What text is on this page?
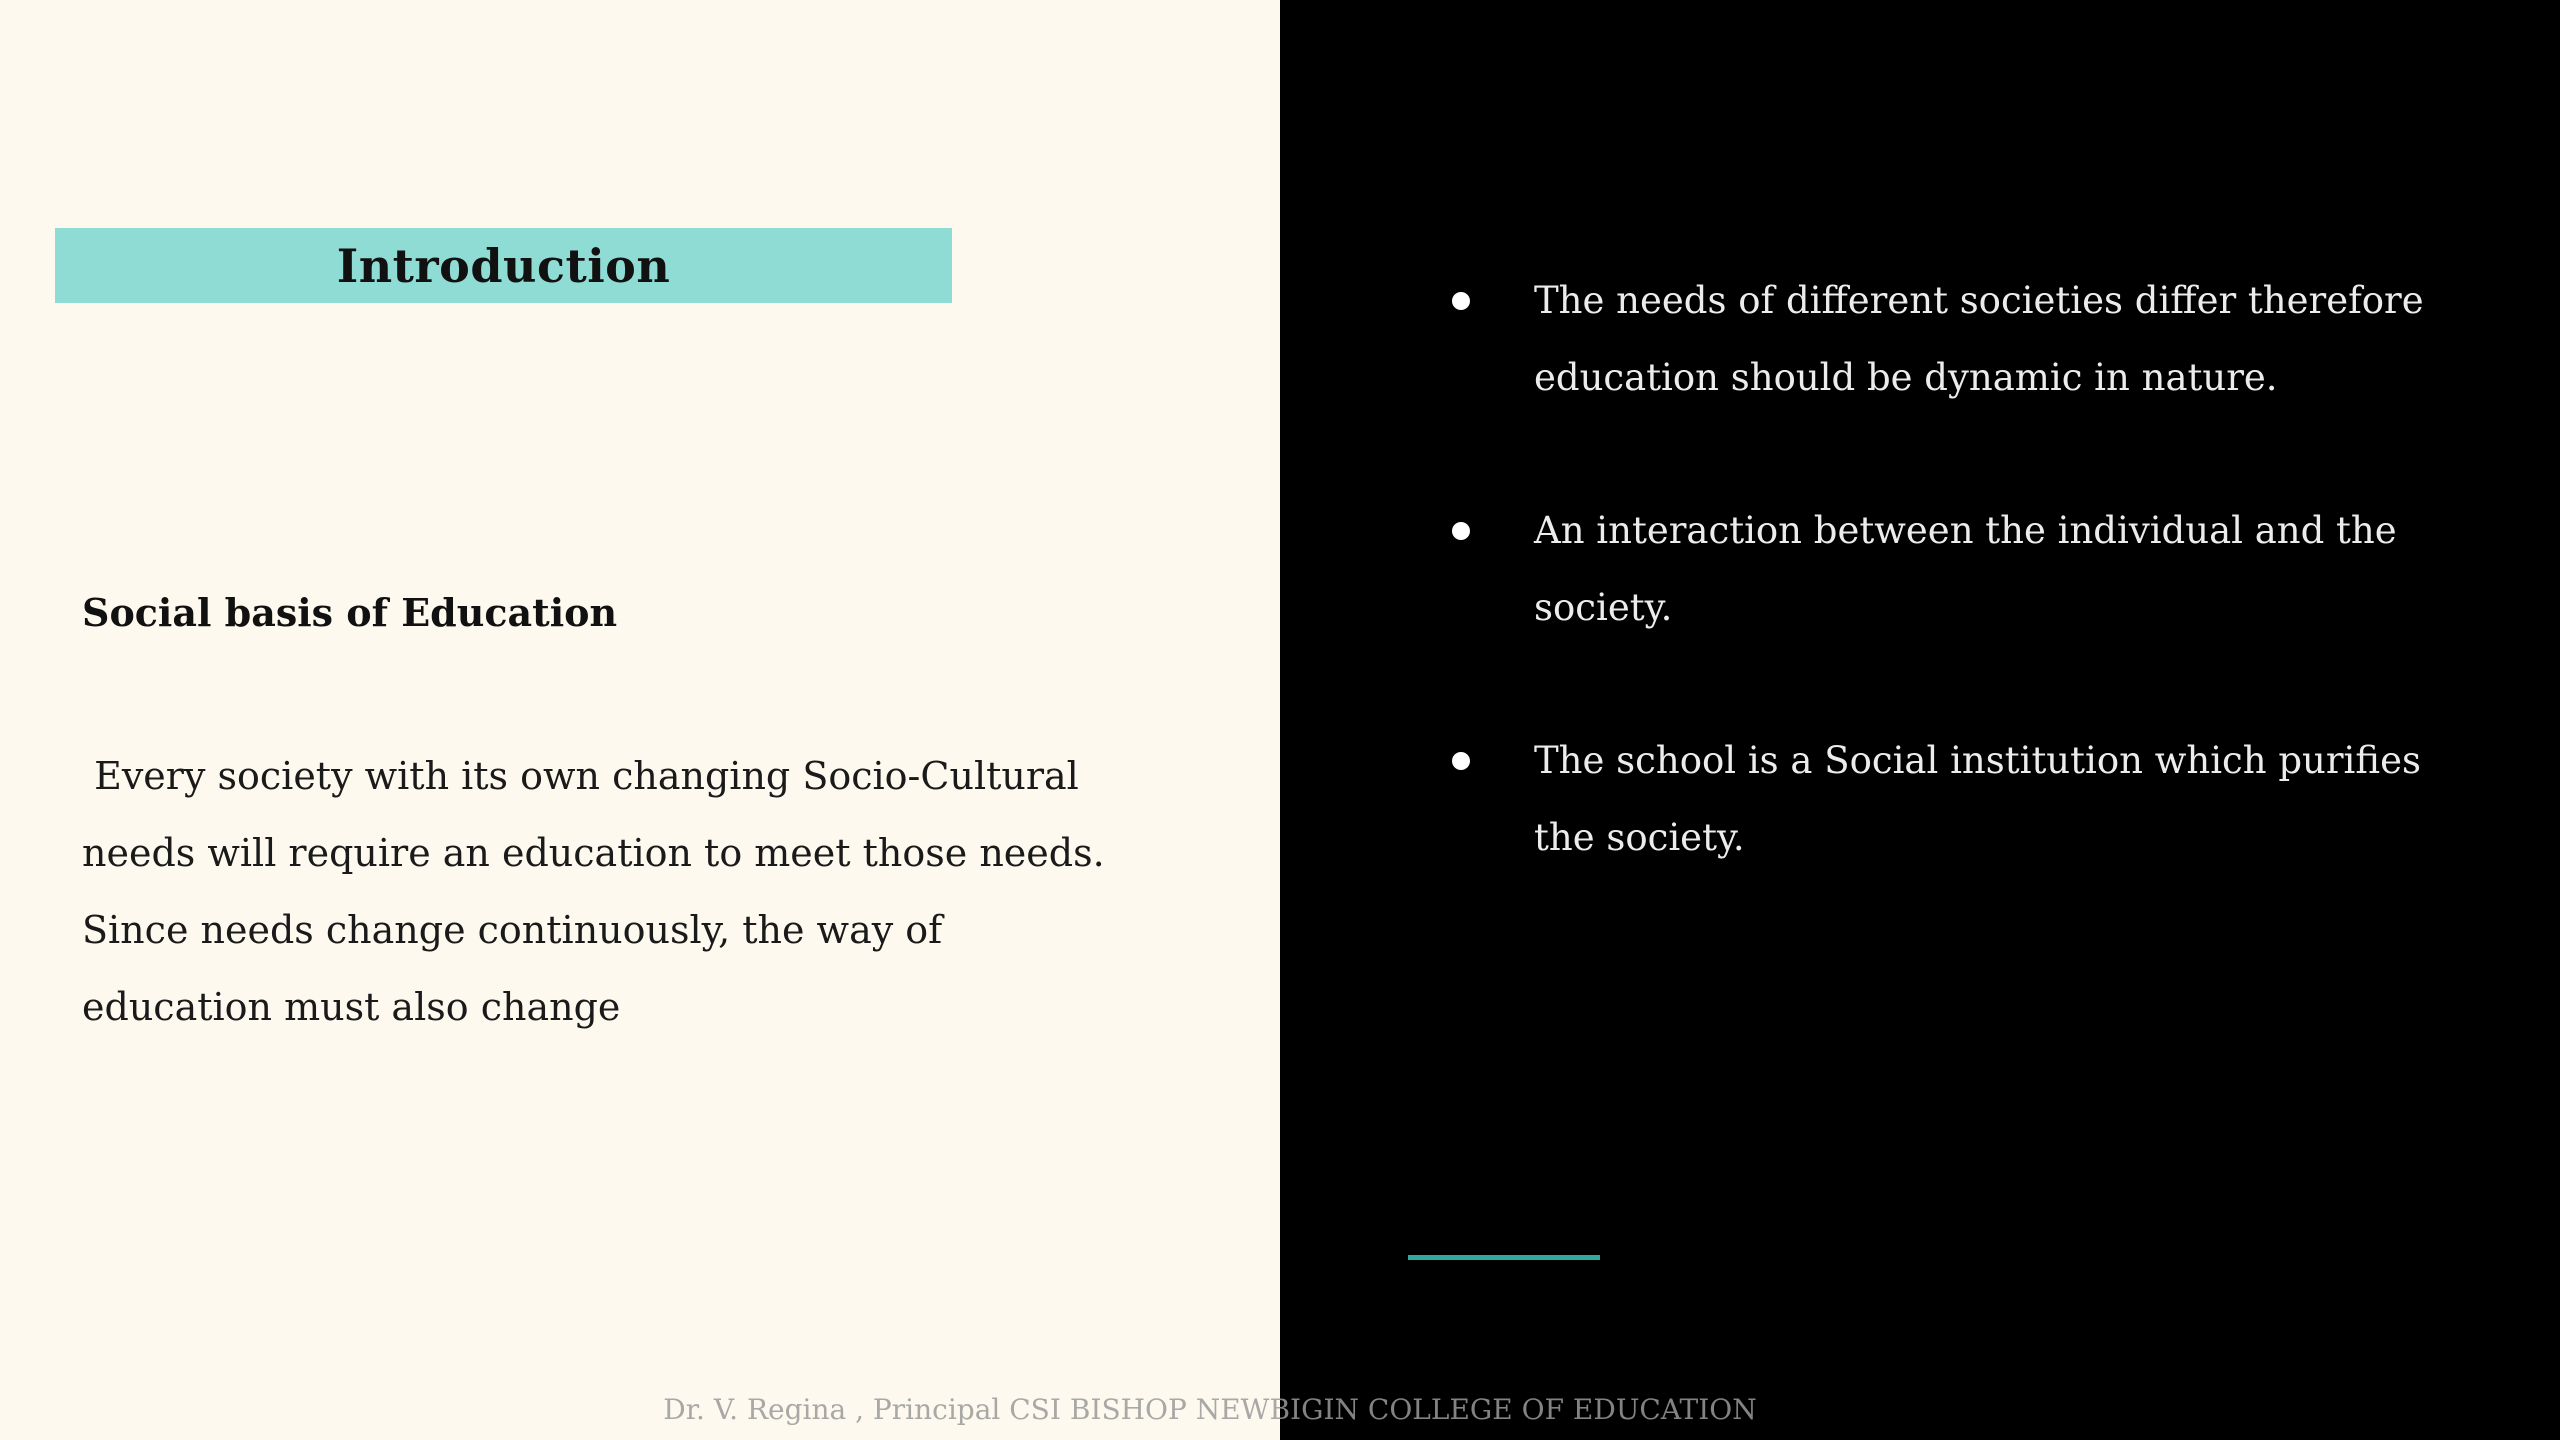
Introduction
Social basis of Education

Every society with its own changing Socio-Cultural needs will require an education to meet those needs. Since needs change continuously, the way of education must also change

The needs of different societies differ therefore education should be dynamic in nature.
An interaction between the individual and the society.
The school is a Social institution which purifies the society.
Dr. V. Regina , Principal CSI BISHOP NEWBIGIN COLLEGE OF EDUCATION
